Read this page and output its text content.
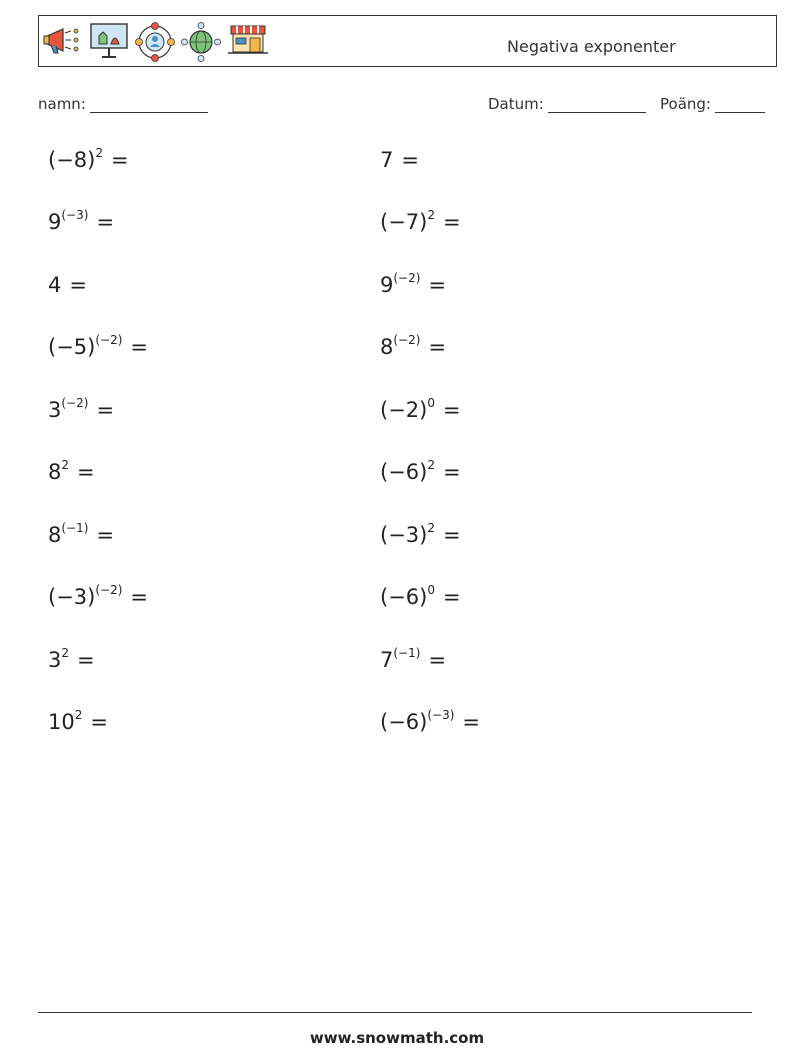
Negativa exponenter
namn:	Datum:	Poäng:
$(-8)^2$ =	7 =
$9^{(-3)}$ =	$(-7)^2$ =
4 =	$9^{(-2)}$ =
$(-5)^{(-2)}$ =	$8^{(-2)}$ =
$3^{(-2)}$ =	$(-2)^0$ =
$8^2$ =	$(-6)^2$ =
$8^{(-1)}$ =	$(-3)^2$ =
$(-3)^{(-2)}$ =	$(-6)^0$ =
$3^2$ =	$7^{(-1)}$ =
$10^2$ =	$(-6)^{(-3)}$ =
www.snowmath.com
